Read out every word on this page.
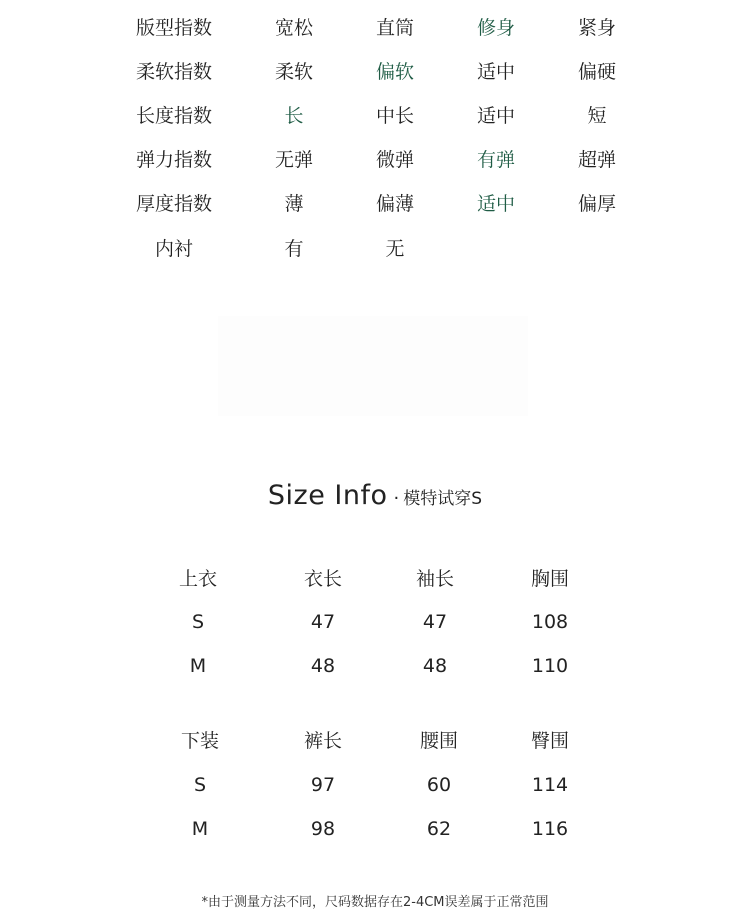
版型指数	宽松	直筒	修身	紧身
柔软指数	柔软	偏软	适中	偏硬
长度指数	长	中长	适中	短
弹力指数	无弹	微弹	有弹	超弹
厚度指数	薄	偏薄	适中	偏厚
内衬	有	无
Size Info · 模特试穿S
上衣	衣长	袖长	胸围
S	47	47	108
M	48	48	110
下装	裤长	腰围	臀围
S	97	60	114
M	98	62	116
*由于测量方法不同，尺码数据存在2-4CM误差属于正常范围
